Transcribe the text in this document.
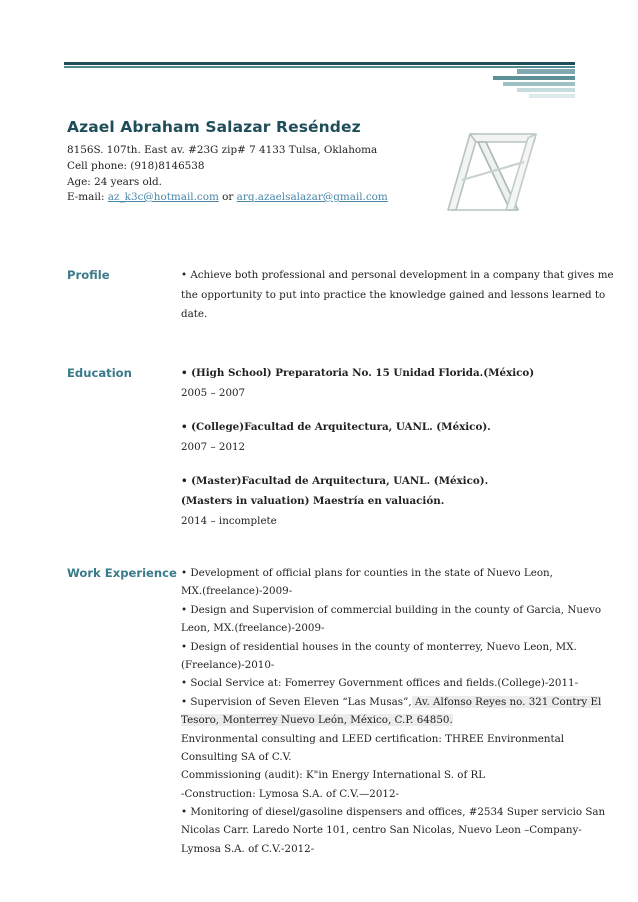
Azael Abraham Salazar Reséndez
8156S. 107th. East av. #23G zip# 7 4133 Tulsa, Oklahoma
Cell phone: (918)8146538
Age: 24 years old.
E-mail: az_k3c@hotmail.com or arq.azaelsalazar@gmail.com
Profile
Education
Work Experience
• Achieve both professional and personal development in a company that gives me
the opportunity to put into practice the knowledge gained and lessons learned to
date.
• (High School) Preparatoria No. 15 Unidad Florida.(México)
2005 – 2007
• (College)Facultad de Arquitectura, UANL. (México).
2007 – 2012
• (Master)Facultad de Arquitectura, UANL. (México).
(Masters in valuation) Maestría en valuación.
2014 – incomplete
• Development of official plans for counties in the state of Nuevo Leon,
MX.(freelance)-2009-
• Design and Supervision of commercial building in the county of Garcia, Nuevo
Leon, MX.(freelance)-2009-
• Design of residential houses in the county of monterrey, Nuevo Leon, MX.
(Freelance)-2010-
• Social Service at: Fomerrey Government offices and fields.(College)-2011-
• Supervision of Seven Eleven “Las Musas”, Av. Alfonso Reyes no. 321 Contry El
Tesoro, Monterrey Nuevo León, México, C.P. 64850.
Environmental consulting and LEED certification: THREE Environmental
Consulting SA of C.V.
Commissioning (audit): K"in Energy International S. of RL
-Construction: Lymosa S.A. of C.V.—2012-
• Monitoring of diesel/gasoline dispensers and offices, #2534 Super servicio San
Nicolas Carr. Laredo Norte 101, centro San Nicolas, Nuevo Leon –Company-
Lymosa S.A. of C.V.-2012-
